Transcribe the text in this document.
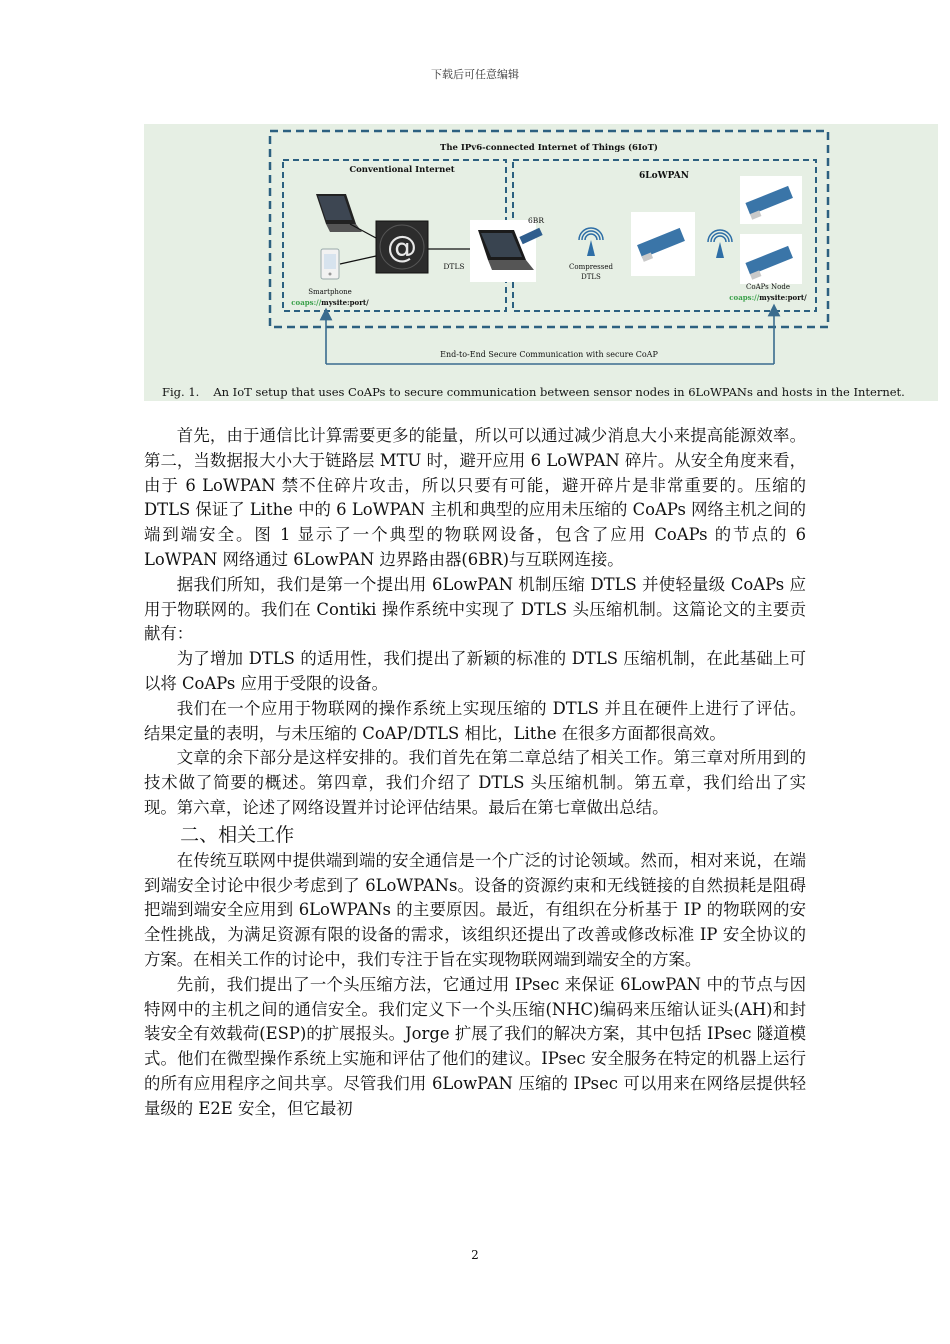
下载后可任意编辑
The IPv6-connected Internet of Things (6IoT)
Conventional Internet
6LoWPAN
Smartphone
coaps://mysite:port/
@
DTLS
6BR
Compressed
DTLS
CoAPs Node
coaps://mysite:port/
End-to-End Secure Communication with secure CoAP
Fig. 1. An IoT setup that uses CoAPs to secure communication between sensor nodes in 6LoWPANs and hosts in the Internet.

首先，由于通信比计算需要更多的能量，所以可以通过减少消息大小来提高能源效率。第二，当数据报大小大于链路层 MTU 时，避开应用 6 LoWPAN 碎片。从安全角度来看，由于 6 LoWPAN 禁不住碎片攻击，所以只要有可能，避开碎片是非常重要的。压缩的 DTLS 保证了 Lithe 中的 6 LoWPAN 主机和典型的应用未压缩的 CoAPs 网络主机之间的端到端安全。图 1 显示了一个典型的物联网设备，包含了应用 CoAPs 的节点的 6 LoWPAN 网络通过 6LowPAN 边界路由器(6BR)与互联网连接。

据我们所知，我们是第一个提出用 6LowPAN 机制压缩 DTLS 并使轻量级 CoAPs 应用于物联网的。我们在 Contiki 操作系统中实现了 DTLS 头压缩机制。这篇论文的主要贡献有：

为了增加 DTLS 的适用性，我们提出了新颖的标准的 DTLS 压缩机制，在此基础上可以将 CoAPs 应用于受限的设备。

我们在一个应用于物联网的操作系统上实现压缩的 DTLS 并且在硬件上进行了评估。结果定量的表明，与未压缩的 CoAP/DTLS 相比，Lithe 在很多方面都很高效。

文章的余下部分是这样安排的。我们首先在第二章总结了相关工作。第三章对所用到的技术做了简要的概述。第四章，我们介绍了 DTLS 头压缩机制。第五章，我们给出了实现。第六章，论述了网络设置并讨论评估结果。最后在第七章做出总结。

二、相关工作

在传统互联网中提供端到端的安全通信是一个广泛的讨论领域。然而，相对来说，在端到端安全讨论中很少考虑到了 6LoWPANs。设备的资源约束和无线链接的自然损耗是阻碍把端到端安全应用到 6LoWPANs 的主要原因。最近，有组织在分析基于 IP 的物联网的安全性挑战，为满足资源有限的设备的需求，该组织还提出了改善或修改标准 IP 安全协议的方案。在相关工作的讨论中，我们专注于旨在实现物联网端到端安全的方案。

先前，我们提出了一个头压缩方法，它通过用 IPsec 来保证 6LowPAN 中的节点与因特网中的主机之间的通信安全。我们定义下一个头压缩(NHC)编码来压缩认证头(AH)和封装安全有效载荷(ESP)的扩展报头。Jorge 扩展了我们的解决方案，其中包括 IPsec 隧道模式。他们在微型操作系统上实施和评估了他们的建议。IPsec 安全服务在特定的机器上运行的所有应用程序之间共享。尽管我们用 6LowPAN 压缩的 IPsec 可以用来在网络层提供轻量级的 E2E 安全，但它最初

2
